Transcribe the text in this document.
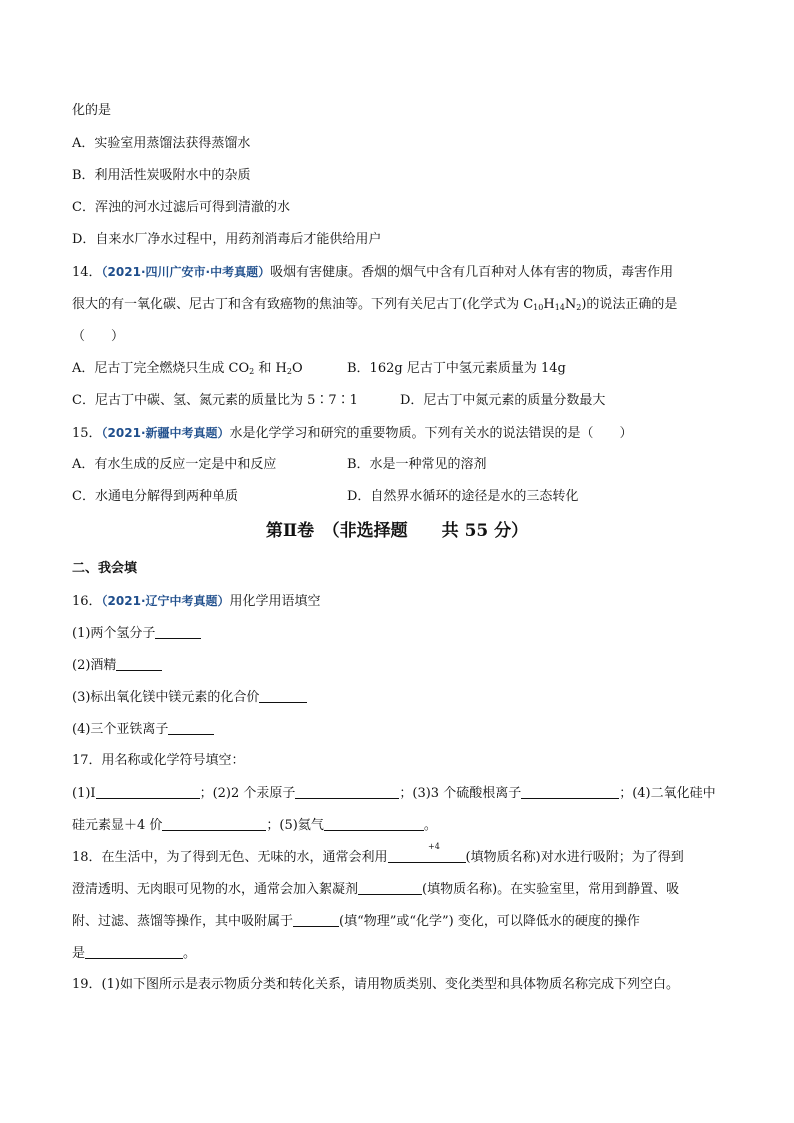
化的是
A．实验室用蒸馏法获得蒸馏水
B．利用活性炭吸附水中的杂质
C．浑浊的河水过滤后可得到清澈的水
D．自来水厂净水过程中，用药剂消毒后才能供给用户
14．（2021·四川广安市·中考真题）吸烟有害健康。香烟的烟气中含有几百种对人体有害的物质，毒害作用
很大的有一氧化碳、尼古丁和含有致癌物的焦油等。下列有关尼古丁(化学式为 $C_{10}H_{14}N_2$)的说法正确的是
（　　）
A．尼古丁完全燃烧只生成 $CO_2$ 和 $H_2O$	B．162g 尼古丁中氢元素质量为 14g
C．尼古丁中碳、氢、氮元素的质量比为 5∶7∶1	D．尼古丁中氮元素的质量分数最大
15．（2021·新疆中考真题）水是化学学习和研究的重要物质。下列有关水的说法错误的是（　　）
A．有水生成的反应一定是中和反应	B．水是一种常见的溶剂
C．水通电分解得到两种单质	D．自然界水循环的途径是水的三态转化
第Ⅱ卷　（非选择题　　共 55 分）
二、我会填
16．（2021·辽宁中考真题）用化学用语填空
(1)两个氢分子
(2)酒精
(3)标出氧化镁中镁元素的化合价
(4)三个亚铁离子
17．用名称或化学符号填空：
(1)I	；(2)2 个汞原子	；(3)3 个硫酸根离子	；(4)二氧化硅中
硅元素显＋4 价	；(5)氦气	。
+4
18．在生活中，为了得到无色、无味的水，通常会利用	(填物质名称)对水进行吸附；为了得到
澄清透明、无肉眼可见物的水，通常会加入絮凝剂	(填物质名称)。在实验室里，常用到静置、吸
附、过滤、蒸馏等操作，其中吸附属于	(填“物理”或“化学”) 变化，可以降低水的硬度的操作
是	。
19．(1)如下图所示是表示物质分类和转化关系，请用物质类别、变化类型和具体物质名称完成下列空白。
